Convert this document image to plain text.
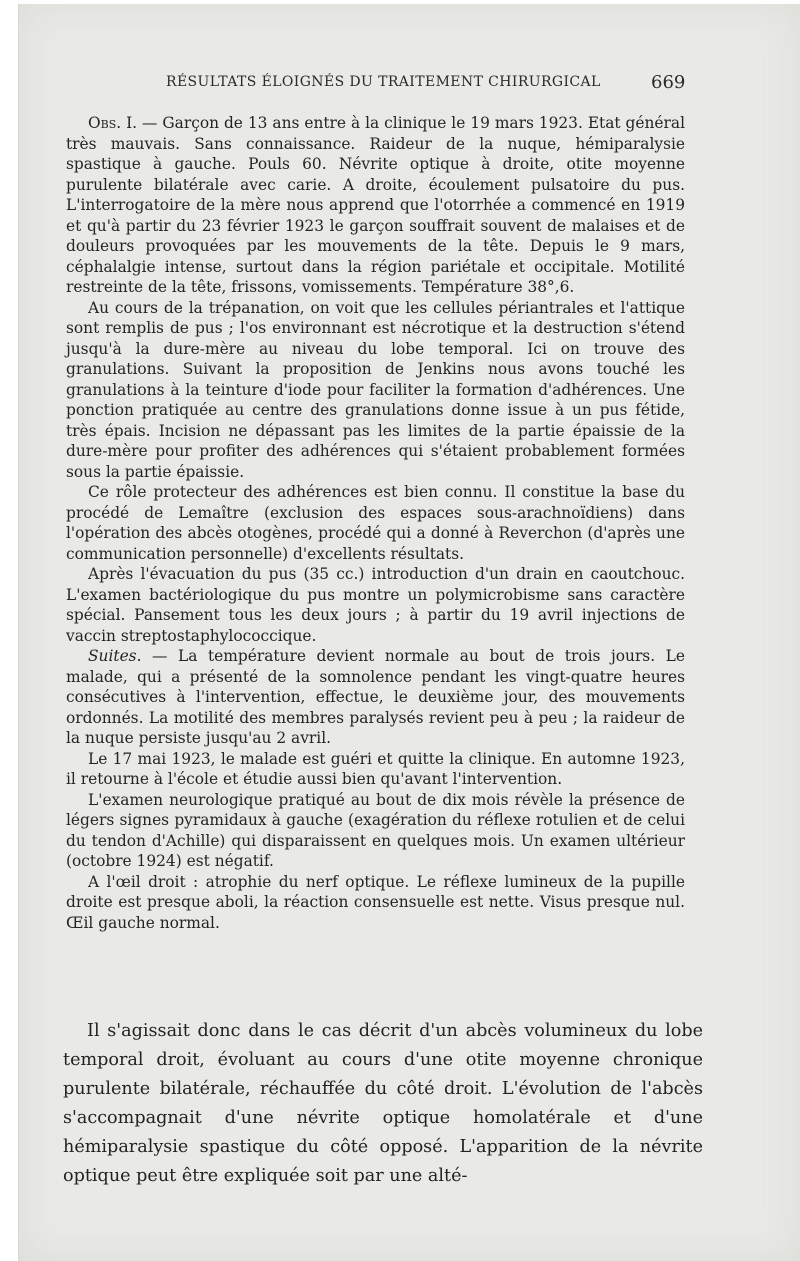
RÉSULTATS ÉLOIGNÉS DU TRAITEMENT CHIRURGICAL	669

Obs. I. — Garçon de 13 ans entre à la clinique le 19 mars 1923. Etat général très mauvais. Sans connaissance. Raideur de la nuque, hémiparalysie spastique à gauche. Pouls 60. Névrite optique à droite, otite moyenne purulente bilatérale avec carie. A droite, écoulement pulsatoire du pus. L'interrogatoire de la mère nous apprend que l'otorrhée a commencé en 1919 et qu'à partir du 23 février 1923 le garçon souffrait souvent de malaises et de douleurs provoquées par les mouvements de la tête. Depuis le 9 mars, céphalalgie intense, surtout dans la région pariétale et occipitale. Motilité restreinte de la tête, frissons, vomissements. Température 38°,6.

Au cours de la trépanation, on voit que les cellules périantrales et l'attique sont remplis de pus ; l'os environnant est nécrotique et la destruction s'étend jusqu'à la dure-mère au niveau du lobe temporal. Ici on trouve des granulations. Suivant la proposition de Jenkins nous avons touché les granulations à la teinture d'iode pour faciliter la formation d'adhérences. Une ponction pratiquée au centre des granulations donne issue à un pus fétide, très épais. Incision ne dépassant pas les limites de la partie épaissie de la dure-mère pour profiter des adhérences qui s'étaient probablement formées sous la partie épaissie.

Ce rôle protecteur des adhérences est bien connu. Il constitue la base du procédé de Lemaître (exclusion des espaces sous-arachnoïdiens) dans l'opération des abcès otogènes, procédé qui a donné à Reverchon (d'après une communication personnelle) d'excellents résultats.

Après l'évacuation du pus (35 cc.) introduction d'un drain en caoutchouc. L'examen bactériologique du pus montre un polymicrobisme sans caractère spécial. Pansement tous les deux jours ; à partir du 19 avril injections de vaccin streptostaphylococcique.

Suites. — La température devient normale au bout de trois jours. Le malade, qui a présenté de la somnolence pendant les vingt-quatre heures consécutives à l'intervention, effectue, le deuxième jour, des mouvements ordonnés. La motilité des membres paralysés revient peu à peu ; la raideur de la nuque persiste jusqu'au 2 avril.

Le 17 mai 1923, le malade est guéri et quitte la clinique. En automne 1923, il retourne à l'école et étudie aussi bien qu'avant l'intervention.

L'examen neurologique pratiqué au bout de dix mois révèle la présence de légers signes pyramidaux à gauche (exagération du réflexe rotulien et de celui du tendon d'Achille) qui disparaissent en quelques mois. Un examen ultérieur (octobre 1924) est négatif.

A l'œil droit : atrophie du nerf optique. Le réflexe lumineux de la pupille droite est presque aboli, la réaction consensuelle est nette. Visus presque nul. Œil gauche normal.

Il s'agissait donc dans le cas décrit d'un abcès volumineux du lobe temporal droit, évoluant au cours d'une otite moyenne chronique purulente bilatérale, réchauffée du côté droit. L'évolution de l'abcès s'accompagnait d'une névrite optique homolatérale et d'une hémiparalysie spastique du côté opposé. L'apparition de la névrite optique peut être expliquée soit par une alté-
